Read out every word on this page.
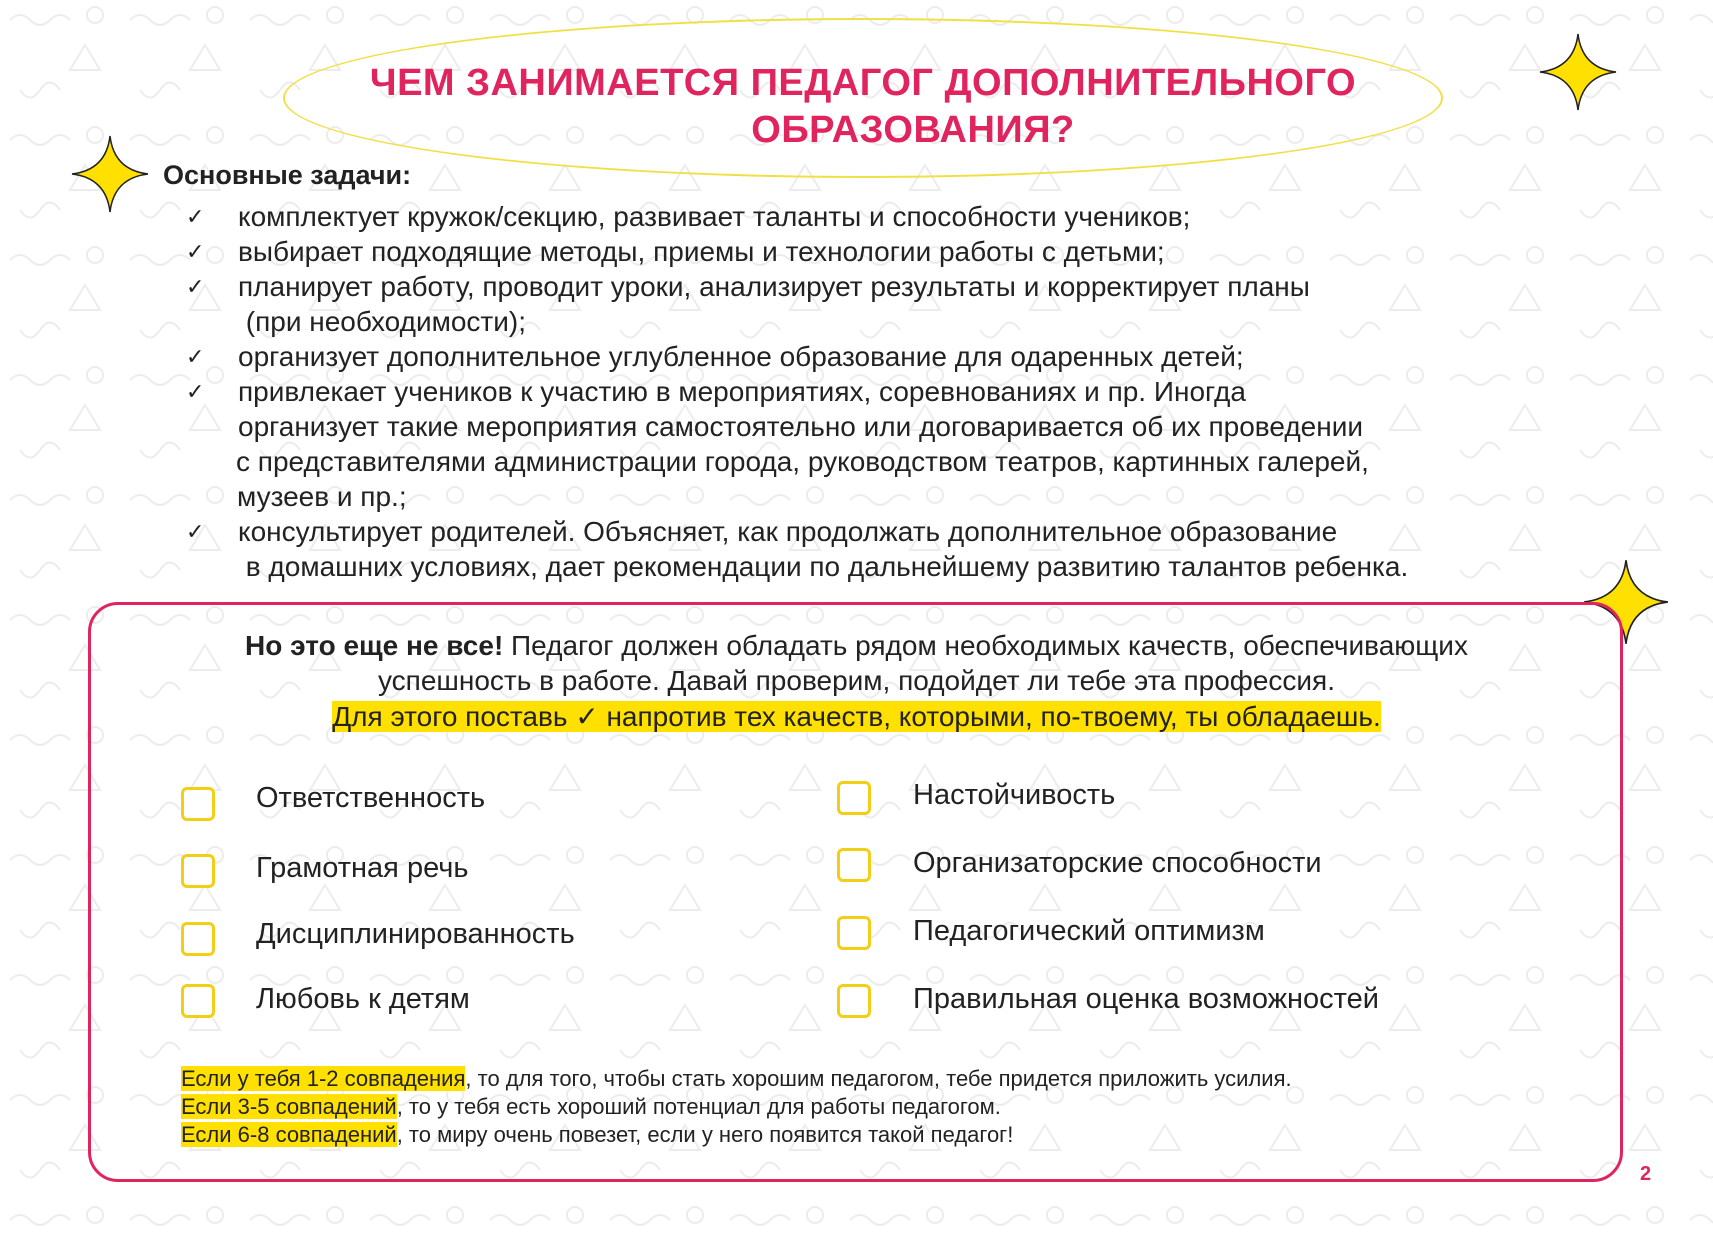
ЧЕМ ЗАНИМАЕТСЯ ПЕДАГОГ ДОПОЛНИТЕЛЬНОГО
ОБРАЗОВАНИЯ?
Основные задачи:
✓ комплектует кружок/секцию, развивает таланты и способности учеников;
✓ выбирает подходящие методы, приемы и технологии работы с детьми;
✓ планирует работу, проводит уроки, анализирует результаты и корректирует планы
(при необходимости);
✓ организует дополнительное углубленное образование для одаренных детей;
✓ привлекает учеников к участию в мероприятиях, соревнованиях и пр. Иногда
организует такие мероприятия самостоятельно или договаривается об их проведении
с представителями администрации города, руководством театров, картинных галерей,
музеев и пр.;
✓ консультирует родителей. Объясняет, как продолжать дополнительное образование
в домашних условиях, дает рекомендации по дальнейшему развитию талантов ребенка.
Но это еще не все! Педагог должен обладать рядом необходимых качеств, обеспечивающих
успешность в работе. Давай проверим, подойдет ли тебе эта профессия.
Для этого поставь ✓ напротив тех качеств, которыми, по-твоему, ты обладаешь.
Ответственность
Грамотная речь
Дисциплинированность
Любовь к детям
Настойчивость
Организаторские способности
Педагогический оптимизм
Правильная оценка возможностей
Если у тебя 1-2 совпадения, то для того, чтобы стать хорошим педагогом, тебе придется приложить усилия.
Если 3-5 совпадений, то у тебя есть хороший потенциал для работы педагогом.
Если 6-8 совпадений, то миру очень повезет, если у него появится такой педагог!
2
